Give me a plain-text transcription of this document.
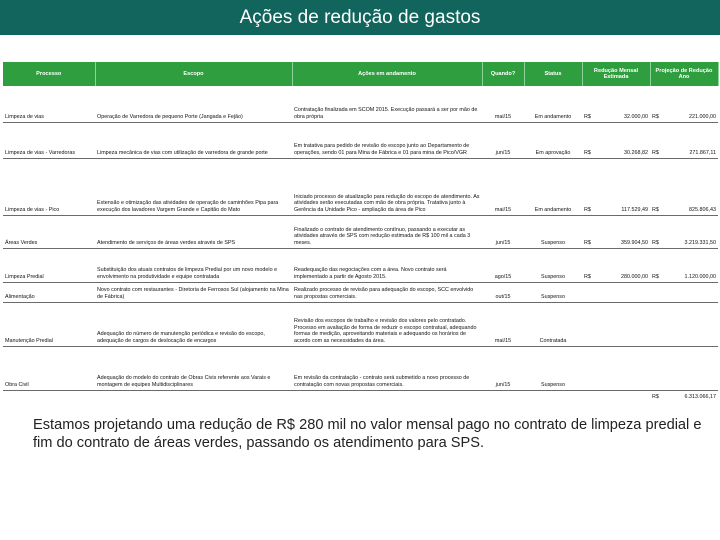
Ações de redução de gastos
Processo	Escopo	Ações em andamento	Quando?	Status	Redução Mensal Estimada	Projeção de Redução Ano
Limpeza de vias	Operação de Varredora de pequeno Porte (Jangada e Fejão)	Contratação finalizada em SCOM 2015. Execução passará a ser por mão de obra própria	mai/15	Em andamento	R$ 32.000,00	R$ 221.000,00
Limpeza de vias - Varredoras	Limpeza mecânica de vias com utilização de varredora de grande porte	Em tratativa para pedido de revisão do escopo junto ao Departamento de operações, sendo 01 para Mina de Fábrica e 01 para mina de Pico/VGR	jun/15	Em aprovação	R$ 30.268,82	R$ 271.867,11
Limpeza de vias - Pico	Extensão e otimização das atividades de operação de caminhões Pipa para execução dos lavadores Vargem Grande e Capitão do Mato	Iniciado processo de atualização para redução do escopo de atendimento. As atividades serão executadas com mão de obra própria. Tratativa junto à Gerência da Unidade Pico - ampliação da área de Pico	mai/15	Em andamento	R$ 117.529,49	R$ 825.806,43
Áreas Verdes	Atendimento de serviços de áreas verdes através de SPS	Finalizado o contrato de atendimento contínuo, passando a executar as atividades através de SPS com redução estimada de R$ 100 mil a cada 3 meses.	jun/15	Suspenso	R$ 359.904,50	R$ 3.219.331,50
Limpeza Predial	Substituição dos atuais contratos de limpeza Predial por um novo modelo e envolvimento na produtividade e equipe contratada	Readequação das negociações com a área. Novo contrato será implementado a partir de Agosto 2015.	ago/15	Suspenso	R$ 280.000,00	R$ 1.120.000,00
Alimentação	Novo contrato com restaurantes - Diretoria de Ferrosos Sul (alojamento na Mina de Fábrica)	Realizado processo de revisão para adequação do escopo, SCC envolvido nas propostas comerciais.	out/15	Suspenso	

Manutenção Predial	Adequação do número de manutenção periódica e revisão do escopo, adequação de cargos de deslocação de encargos	Revisão dos escopos de trabalho e revisão dos valores pelo contratado. Processo em avaliação de forma de reduzir o escopo contratual, adequando formas de medição, aproveitando materiais e adequando os horários de acordo com as necessidades da área.	mai/15	Contratada	

Obra Civil	Adequação do modelo do contrato de Obras Civis referente aos Varais e montagem de equipes Multidisciplinares	Em revisão da contratação - contrato será submetido a novo processo de contratação com novas propostas comerciais.	jun/15	Suspenso	

						R$ 6.313.066,17
Estamos projetando uma redução de R$ 280 mil no valor mensal pago no contrato de limpeza predial e fim do contrato de áreas verdes, passando os atendimento para SPS.
